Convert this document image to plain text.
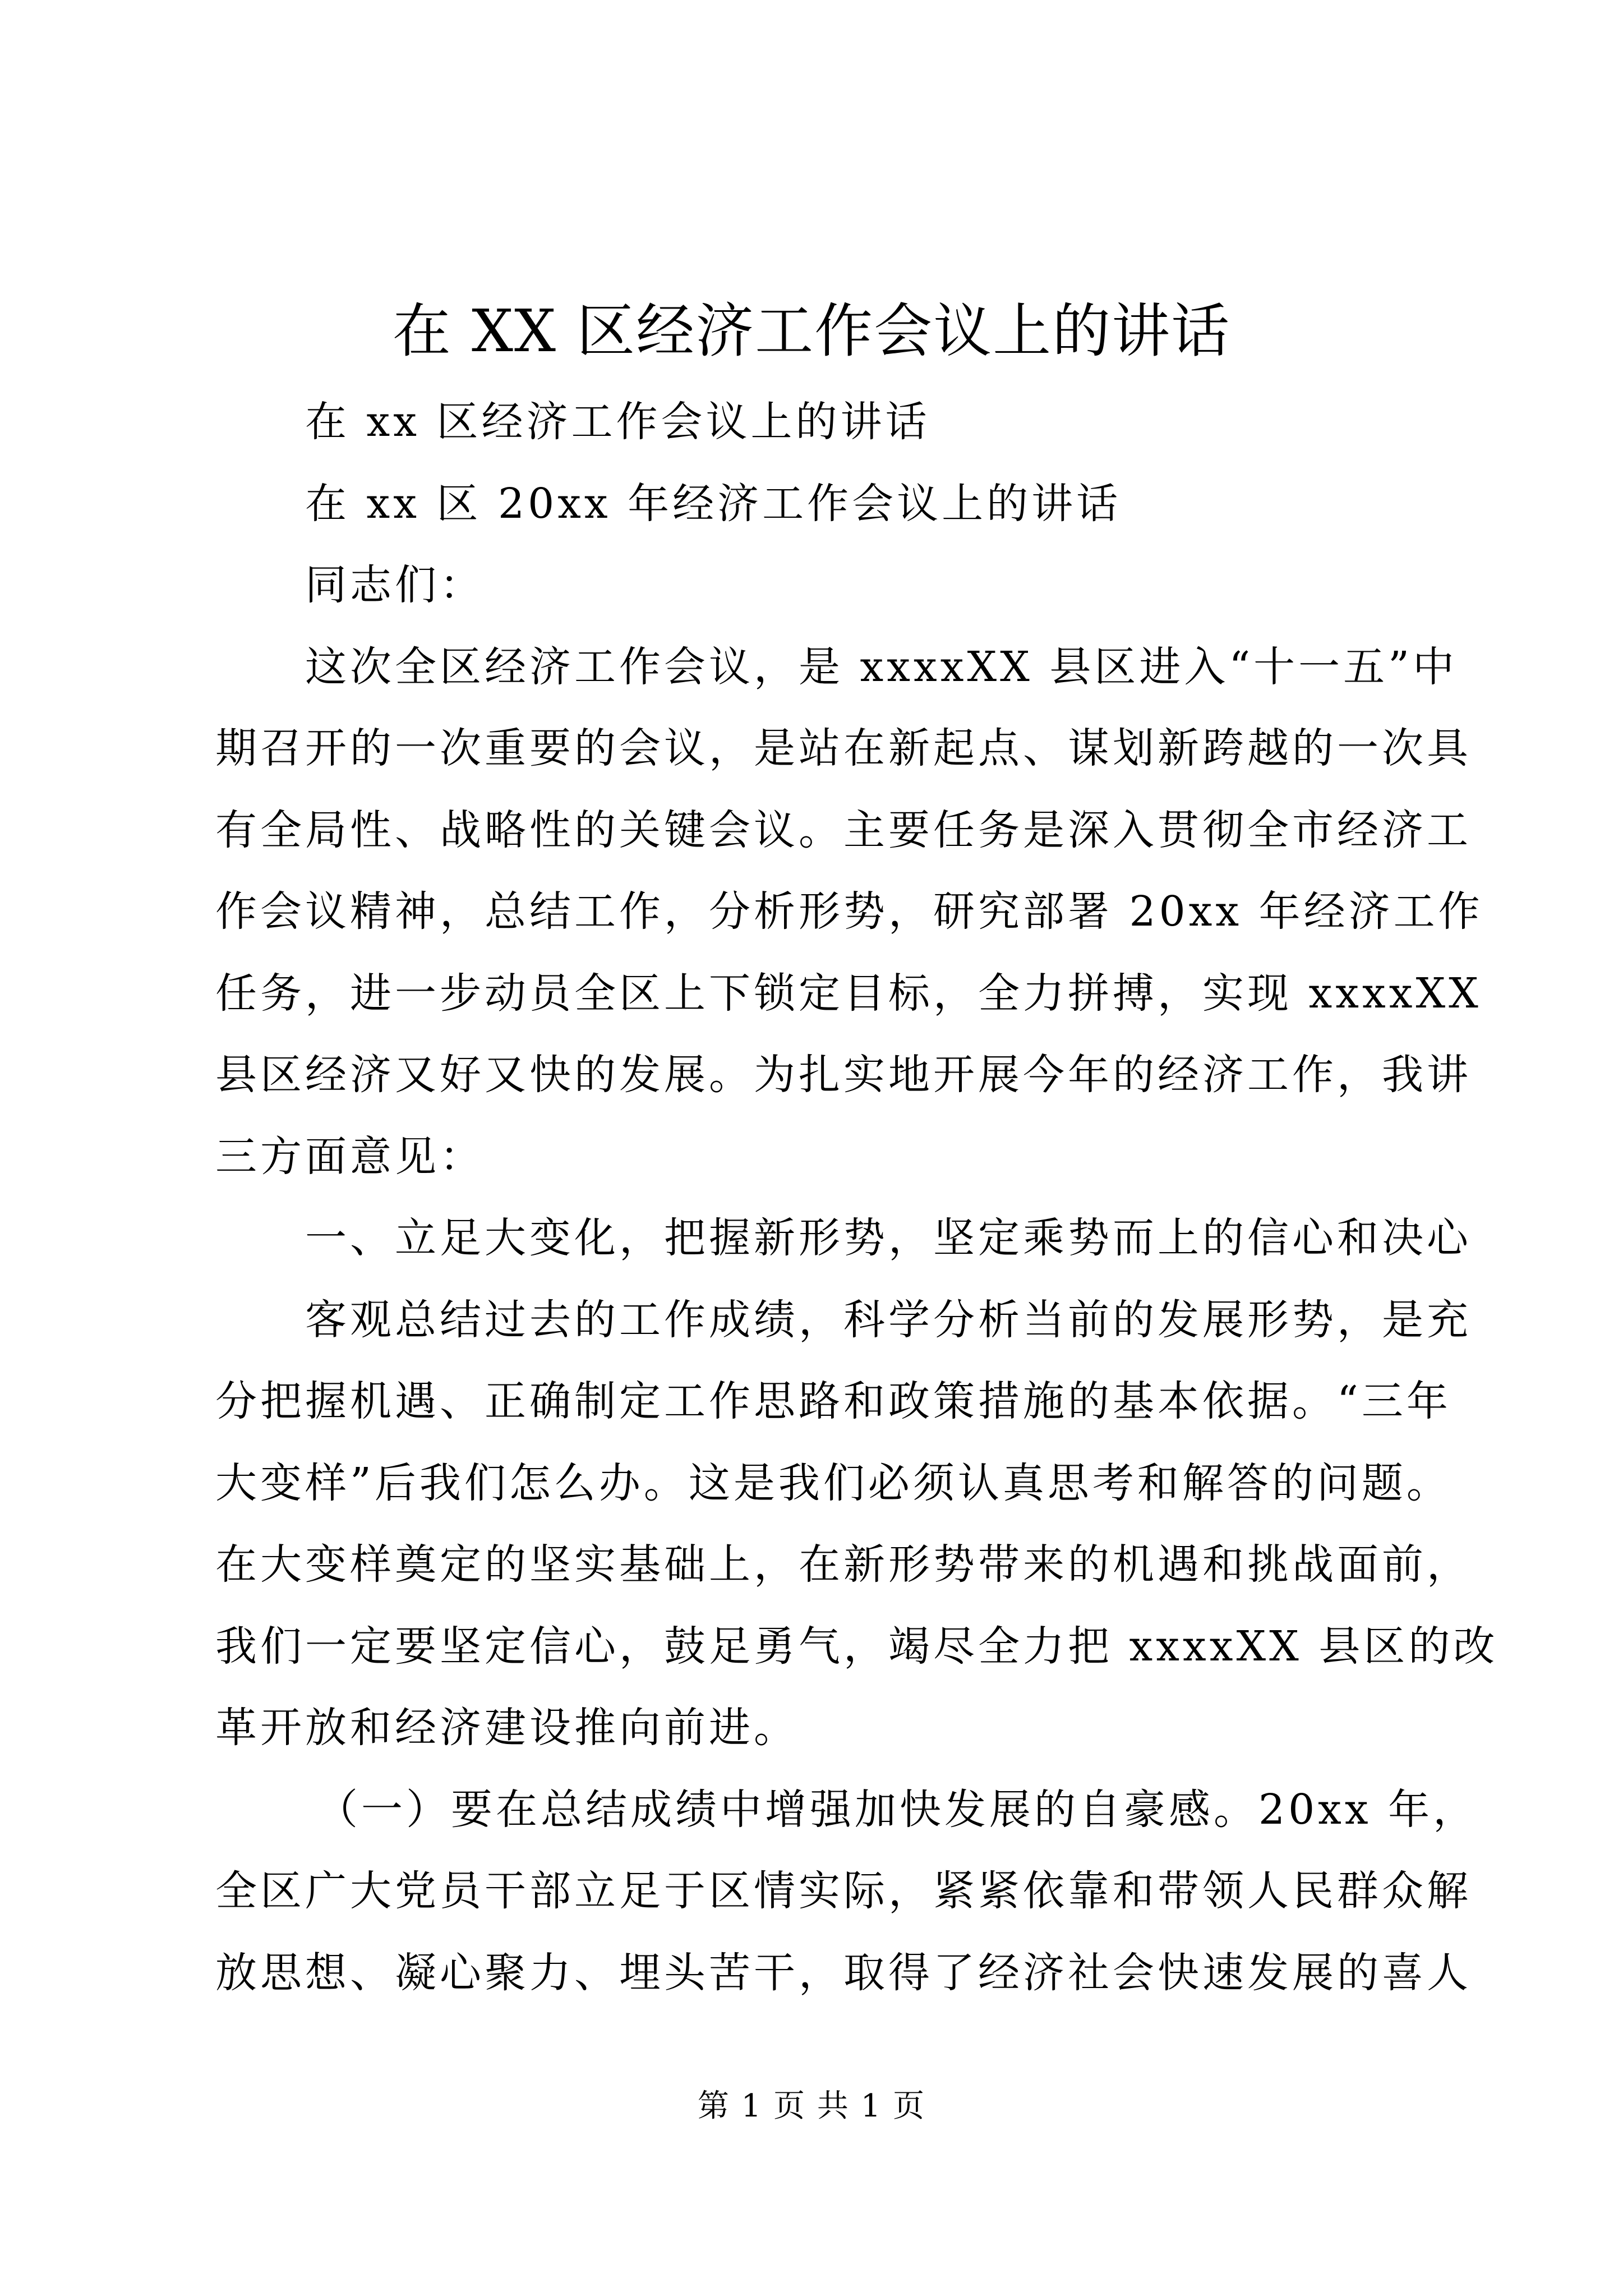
在 XX 区经济工作会议上的讲话
在 xx 区经济工作会议上的讲话
在 xx 区 20xx 年经济工作会议上的讲话
同志们：
这次全区经济工作会议，是 xxxxXX 县区进入“十一五”中
期召开的一次重要的会议，是站在新起点、谋划新跨越的一次具
有全局性、战略性的关键会议。主要任务是深入贯彻全市经济工
作会议精神，总结工作，分析形势，研究部署 20xx 年经济工作
任务，进一步动员全区上下锁定目标，全力拼搏，实现 xxxxXX
县区经济又好又快的发展。为扎实地开展今年的经济工作，我讲
三方面意见：
一、立足大变化，把握新形势，坚定乘势而上的信心和决心
客观总结过去的工作成绩，科学分析当前的发展形势，是充
分把握机遇、正确制定工作思路和政策措施的基本依据。“三年
大变样”后我们怎么办。这是我们必须认真思考和解答的问题。
在大变样奠定的坚实基础上，在新形势带来的机遇和挑战面前，
我们一定要坚定信心，鼓足勇气，竭尽全力把 xxxxXX 县区的改
革开放和经济建设推向前进。
（一）要在总结成绩中增强加快发展的自豪感。20xx 年，
全区广大党员干部立足于区情实际，紧紧依靠和带领人民群众解
放思想、凝心聚力、埋头苦干，取得了经济社会快速发展的喜人
第 1 页 共 1 页
